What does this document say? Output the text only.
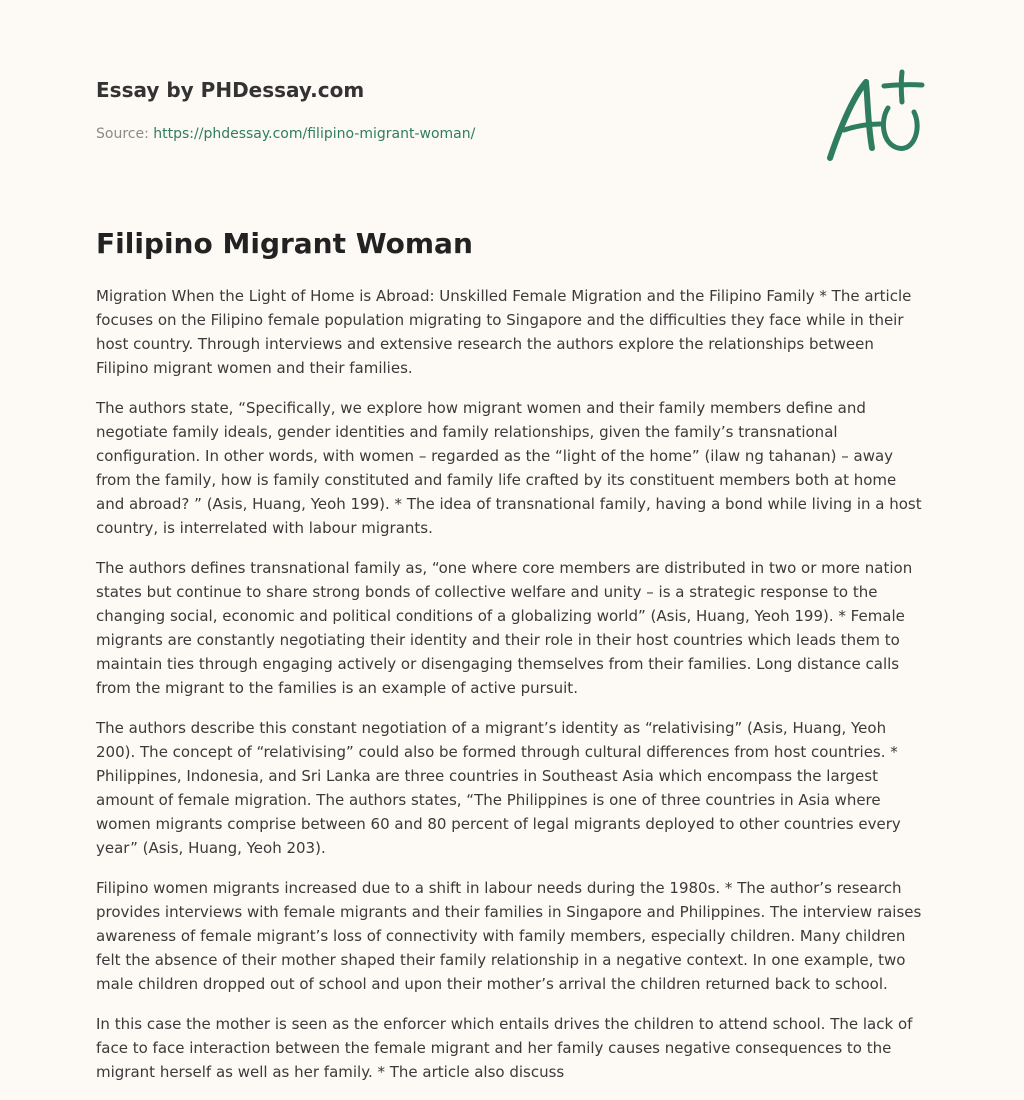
Essay by PHDessay.com
Source: https://phdessay.com/filipino-migrant-woman/
Filipino Migrant Woman

Migration When the Light of Home is Abroad: Unskilled Female Migration and the Filipino Family * The article focuses on the Filipino female population migrating to Singapore and the difficulties they face while in their host country. Through interviews and extensive research the authors explore the relationships between Filipino migrant women and their families.

The authors state, “Specifically, we explore how migrant women and their family members define and negotiate family ideals, gender identities and family relationships, given the family’s transnational configuration. In other words, with women – regarded as the “light of the home” (ilaw ng tahanan) – away from the family, how is family constituted and family life crafted by its constituent members both at home and abroad? ” (Asis, Huang, Yeoh 199). * The idea of transnational family, having a bond while living in a host country, is interrelated with labour migrants.

The authors defines transnational family as, “one where core members are distributed in two or more nation states but continue to share strong bonds of collective welfare and unity – is a strategic response to the changing social, economic and political conditions of a globalizing world” (Asis, Huang, Yeoh 199). * Female migrants are constantly negotiating their identity and their role in their host countries which leads them to maintain ties through engaging actively or disengaging themselves from their families. Long distance calls from the migrant to the families is an example of active pursuit.

The authors describe this constant negotiation of a migrant’s identity as “relativising” (Asis, Huang, Yeoh 200). The concept of “relativising” could also be formed through cultural differences from host countries. * Philippines, Indonesia, and Sri Lanka are three countries in Southeast Asia which encompass the largest amount of female migration. The authors states, “The Philippines is one of three countries in Asia where women migrants comprise between 60 and 80 percent of legal migrants deployed to other countries every year” (Asis, Huang, Yeoh 203).

Filipino women migrants increased due to a shift in labour needs during the 1980s. * The author’s research provides interviews with female migrants and their families in Singapore and Philippines. The interview raises awareness of female migrant’s loss of connectivity with family members, especially children. Many children felt the absence of their mother shaped their family relationship in a negative context. In one example, two male children dropped out of school and upon their mother’s arrival the children returned back to school.

In this case the mother is seen as the enforcer which entails drives the children to attend school. The lack of face to face interaction between the female migrant and her family causes negative consequences to the migrant herself as well as her family. * The article also discuss
